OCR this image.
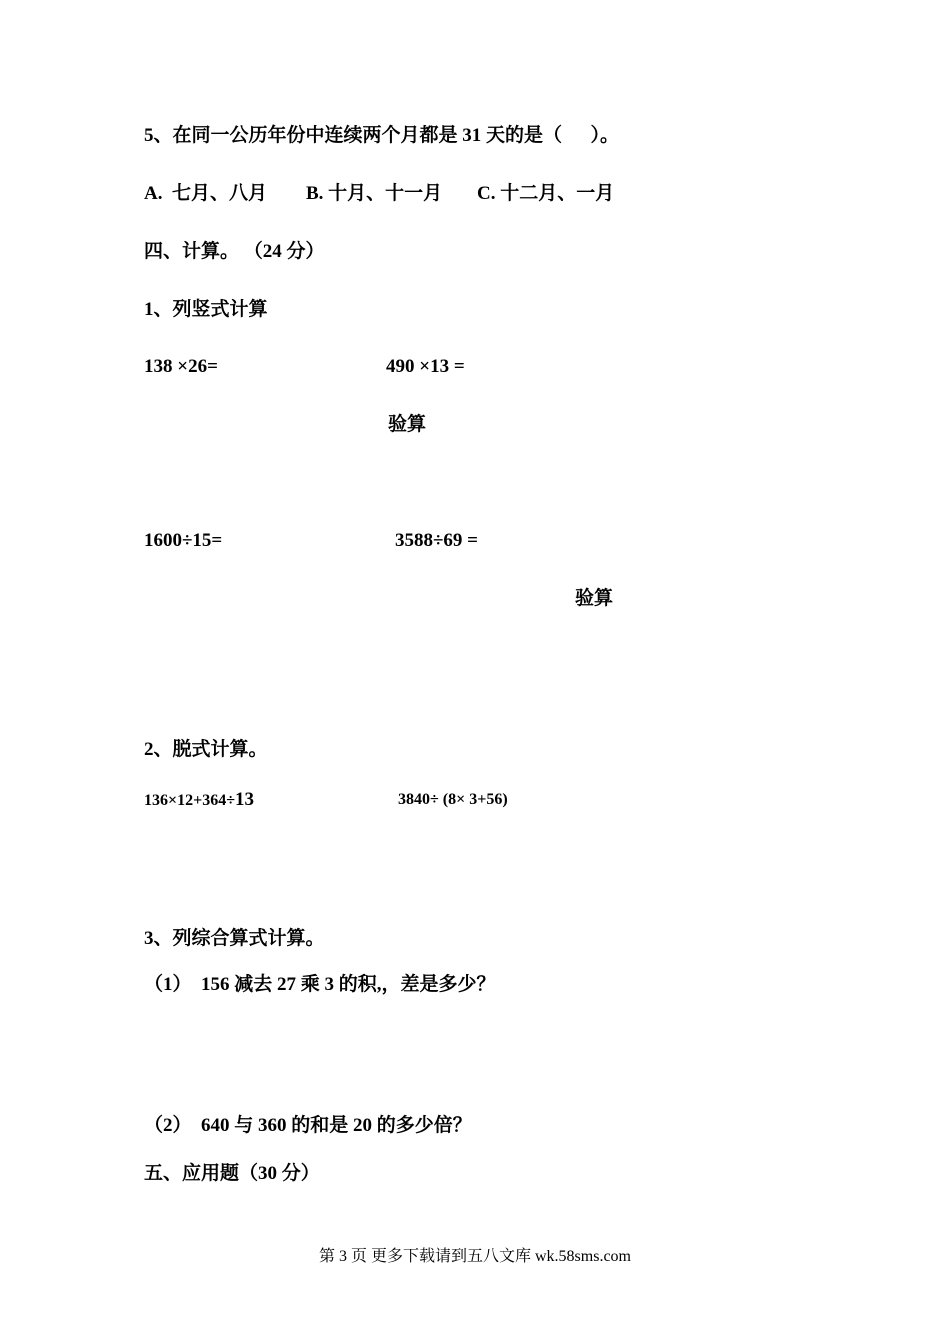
5、在同一公历年份中连续两个月都是 31 天的是（      ）。
A.  七月、八月 B. 十月、十一月 C. 十二月、一月
四、计算。 （24 分）
1、列竖式计算
138 ×26=	490 ×13 =
验算
1600÷15=	3588÷69 =
验算
2、脱式计算。
136×12+364÷13	3840÷ (8× 3+56)
3、列综合算式计算。
（1）  156 减去 27 乘 3 的积,，差是多少？
（2）  640 与 360 的和是 20 的多少倍？
五、应用题（30 分）
第 3 页 更多下载请到五八文库 wk.58sms.com
